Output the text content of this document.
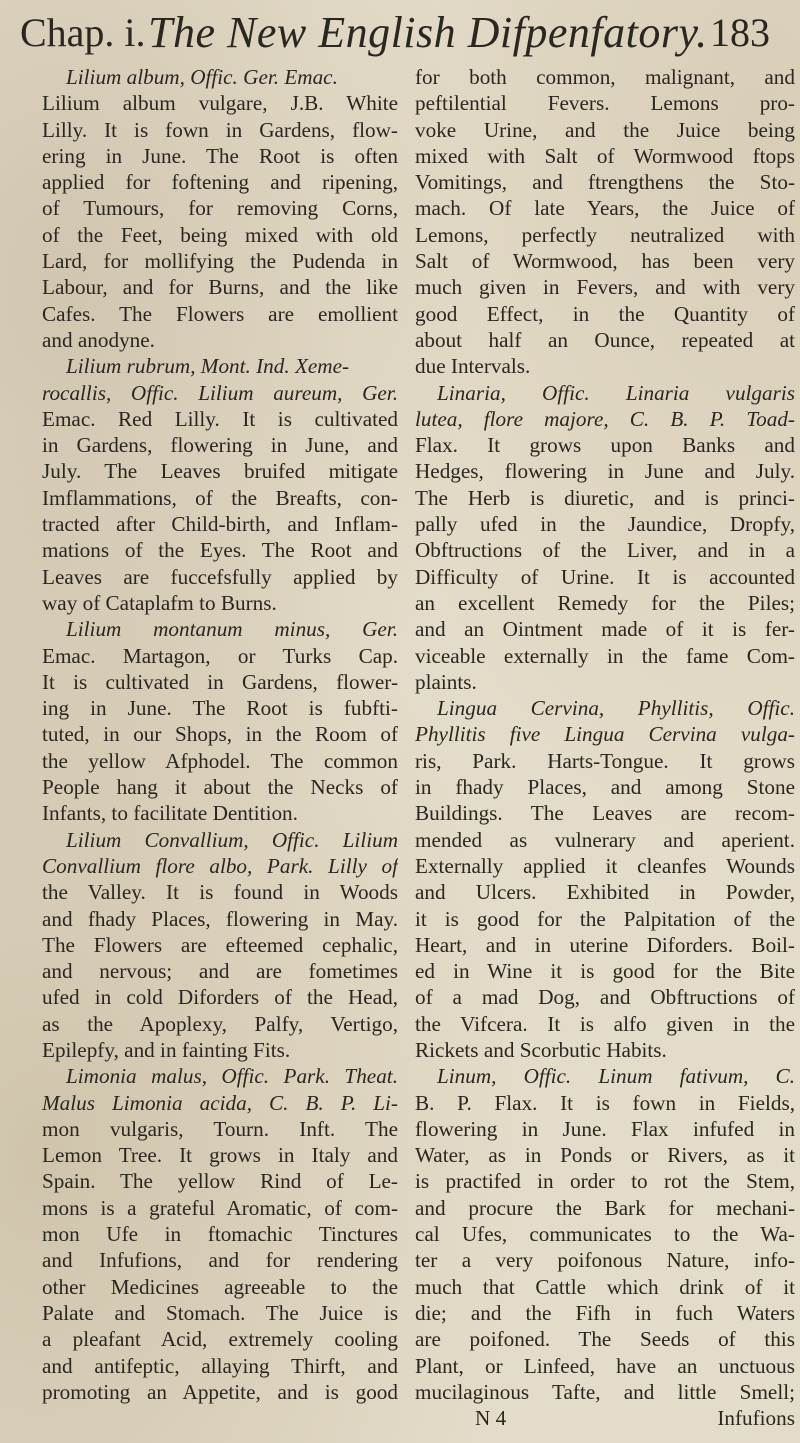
Chap. i. The New English Difpenfatory. 183
Lilium album, Offic. Ger. Emac.
Lilium album vulgare, J.B. White
Lilly. It is fown in Gardens, flow-
ering in June. The Root is often
applied for foftening and ripening,
of Tumours, for removing Corns,
of the Feet, being mixed with old
Lard, for mollifying the Pudenda in
Labour, and for Burns, and the like
Cafes. The Flowers are emollient
and anodyne.
Lilium rubrum, Mont. Ind. Xeme-
rocallis, Offic. Lilium aureum, Ger.
Emac. Red Lilly. It is cultivated
in Gardens, flowering in June, and
July. The Leaves bruifed mitigate
Imflammations, of the Breafts, con-
tracted after Child-birth, and Inflam-
mations of the Eyes. The Root and
Leaves are fuccefsfully applied by
way of Cataplafm to Burns.
Lilium montanum minus, Ger.
Emac. Martagon, or Turks Cap.
It is cultivated in Gardens, flower-
ing in June. The Root is fubfti-
tuted, in our Shops, in the Room of
the yellow Afphodel. The common
People hang it about the Necks of
Infants, to facilitate Dentition.
Lilium Convallium, Offic. Lilium
Convallium flore albo, Park. Lilly of
the Valley. It is found in Woods
and fhady Places, flowering in May.
The Flowers are efteemed cephalic,
and nervous; and are fometimes
ufed in cold Diforders of the Head,
as the Apoplexy, Palfy, Vertigo,
Epilepfy, and in fainting Fits.
Limonia malus, Offic. Park. Theat.
Malus Limonia acida, C. B. P. Li-
mon vulgaris, Tourn. Inft. The
Lemon Tree. It grows in Italy and
Spain. The yellow Rind of Le-
mons is a grateful Aromatic, of com-
mon Ufe in ftomachic Tinctures
and Infufions, and for rendering
other Medicines agreeable to the
Palate and Stomach. The Juice is
a pleafant Acid, extremely cooling
and antifeptic, allaying Thirft, and
promoting an Appetite, and is good
for both common, malignant, and
peftilential Fevers. Lemons pro-
voke Urine, and the Juice being
mixed with Salt of Wormwood ftops
Vomitings, and ftrengthens the Sto-
mach. Of late Years, the Juice of
Lemons, perfectly neutralized with
Salt of Wormwood, has been very
much given in Fevers, and with very
good Effect, in the Quantity of
about half an Ounce, repeated at
due Intervals.
Linaria, Offic. Linaria vulgaris
lutea, flore majore, C. B. P. Toad-
Flax. It grows upon Banks and
Hedges, flowering in June and July.
The Herb is diuretic, and is princi-
pally ufed in the Jaundice, Dropfy,
Obftructions of the Liver, and in a
Difficulty of Urine. It is accounted
an excellent Remedy for the Piles;
and an Ointment made of it is fer-
viceable externally in the fame Com-
plaints.
Lingua Cervina, Phyllitis, Offic.
Phyllitis five Lingua Cervina vulga-
ris, Park. Harts-Tongue. It grows
in fhady Places, and among Stone
Buildings. The Leaves are recom-
mended as vulnerary and aperient.
Externally applied it cleanfes Wounds
and Ulcers. Exhibited in Powder,
it is good for the Palpitation of the
Heart, and in uterine Diforders. Boil-
ed in Wine it is good for the Bite
of a mad Dog, and Obftructions of
the Vifcera. It is alfo given in the
Rickets and Scorbutic Habits.
Linum, Offic. Linum fativum, C.
B. P. Flax. It is fown in Fields,
flowering in June. Flax infufed in
Water, as in Ponds or Rivers, as it
is practifed in order to rot the Stem,
and procure the Bark for mechani-
cal Ufes, communicates to the Wa-
ter a very poifonous Nature, info-
much that Cattle which drink of it
die; and the Fifh in fuch Waters
are poifoned. The Seeds of this
Plant, or Linfeed, have an unctuous
mucilaginous Tafte, and little Smell;
N 4	Infufions
